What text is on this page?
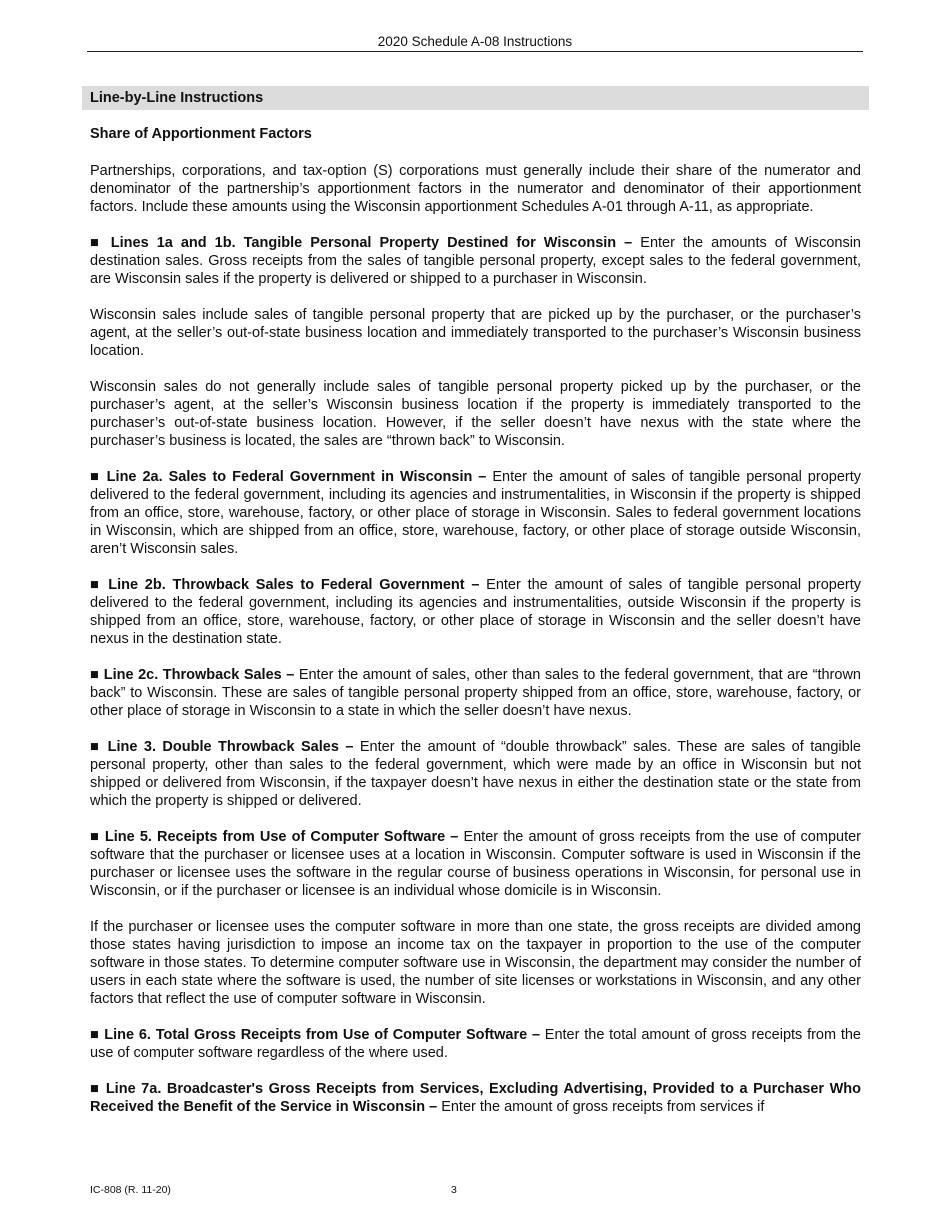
2020 Schedule A-08 Instructions
Line-by-Line Instructions
Share of Apportionment Factors

Partnerships, corporations, and tax-option (S) corporations must generally include their share of the numerator and denominator of the partnership’s apportionment factors in the numerator and denominator of their apportionment factors. Include these amounts using the Wisconsin apportionment Schedules A-01 through A-11, as appropriate.

■ Lines 1a and 1b. Tangible Personal Property Destined for Wisconsin – Enter the amounts of Wisconsin destination sales. Gross receipts from the sales of tangible personal property, except sales to the federal government, are Wisconsin sales if the property is delivered or shipped to a purchaser in Wisconsin.

Wisconsin sales include sales of tangible personal property that are picked up by the purchaser, or the purchaser’s agent, at the seller’s out-of-state business location and immediately transported to the purchaser’s Wisconsin business location.

Wisconsin sales do not generally include sales of tangible personal property picked up by the purchaser, or the purchaser’s agent, at the seller’s Wisconsin business location if the property is immediately transported to the purchaser’s out-of-state business location. However, if the seller doesn’t have nexus with the state where the purchaser’s business is located, the sales are “thrown back” to Wisconsin.

■ Line 2a. Sales to Federal Government in Wisconsin – Enter the amount of sales of tangible personal property delivered to the federal government, including its agencies and instrumentalities, in Wisconsin if the property is shipped from an office, store, warehouse, factory, or other place of storage in Wisconsin. Sales to federal government locations in Wisconsin, which are shipped from an office, store, warehouse, factory, or other place of storage outside Wisconsin, aren’t Wisconsin sales.

■ Line 2b. Throwback Sales to Federal Government – Enter the amount of sales of tangible personal property delivered to the federal government, including its agencies and instrumentalities, outside Wisconsin if the property is shipped from an office, store, warehouse, factory, or other place of storage in Wisconsin and the seller doesn’t have nexus in the destination state.

■ Line 2c. Throwback Sales – Enter the amount of sales, other than sales to the federal government, that are “thrown back” to Wisconsin. These are sales of tangible personal property shipped from an office, store, warehouse, factory, or other place of storage in Wisconsin to a state in which the seller doesn’t have nexus.

■ Line 3. Double Throwback Sales – Enter the amount of “double throwback” sales. These are sales of tangible personal property, other than sales to the federal government, which were made by an office in Wisconsin but not shipped or delivered from Wisconsin, if the taxpayer doesn’t have nexus in either the destination state or the state from which the property is shipped or delivered.

■ Line 5. Receipts from Use of Computer Software – Enter the amount of gross receipts from the use of computer software that the purchaser or licensee uses at a location in Wisconsin. Computer software is used in Wisconsin if the purchaser or licensee uses the software in the regular course of business operations in Wisconsin, for personal use in Wisconsin, or if the purchaser or licensee is an individual whose domicile is in Wisconsin.

If the purchaser or licensee uses the computer software in more than one state, the gross receipts are divided among those states having jurisdiction to impose an income tax on the taxpayer in proportion to the use of the computer software in those states. To determine computer software use in Wisconsin, the department may consider the number of users in each state where the software is used, the number of site licenses or workstations in Wisconsin, and any other factors that reflect the use of computer software in Wisconsin.

■ Line 6. Total Gross Receipts from Use of Computer Software – Enter the total amount of gross receipts from the use of computer software regardless of the where used.

■ Line 7a. Broadcaster's Gross Receipts from Services, Excluding Advertising, Provided to a Purchaser Who Received the Benefit of the Service in Wisconsin – Enter the amount of gross receipts from services if

IC-808 (R. 11-20)	3
